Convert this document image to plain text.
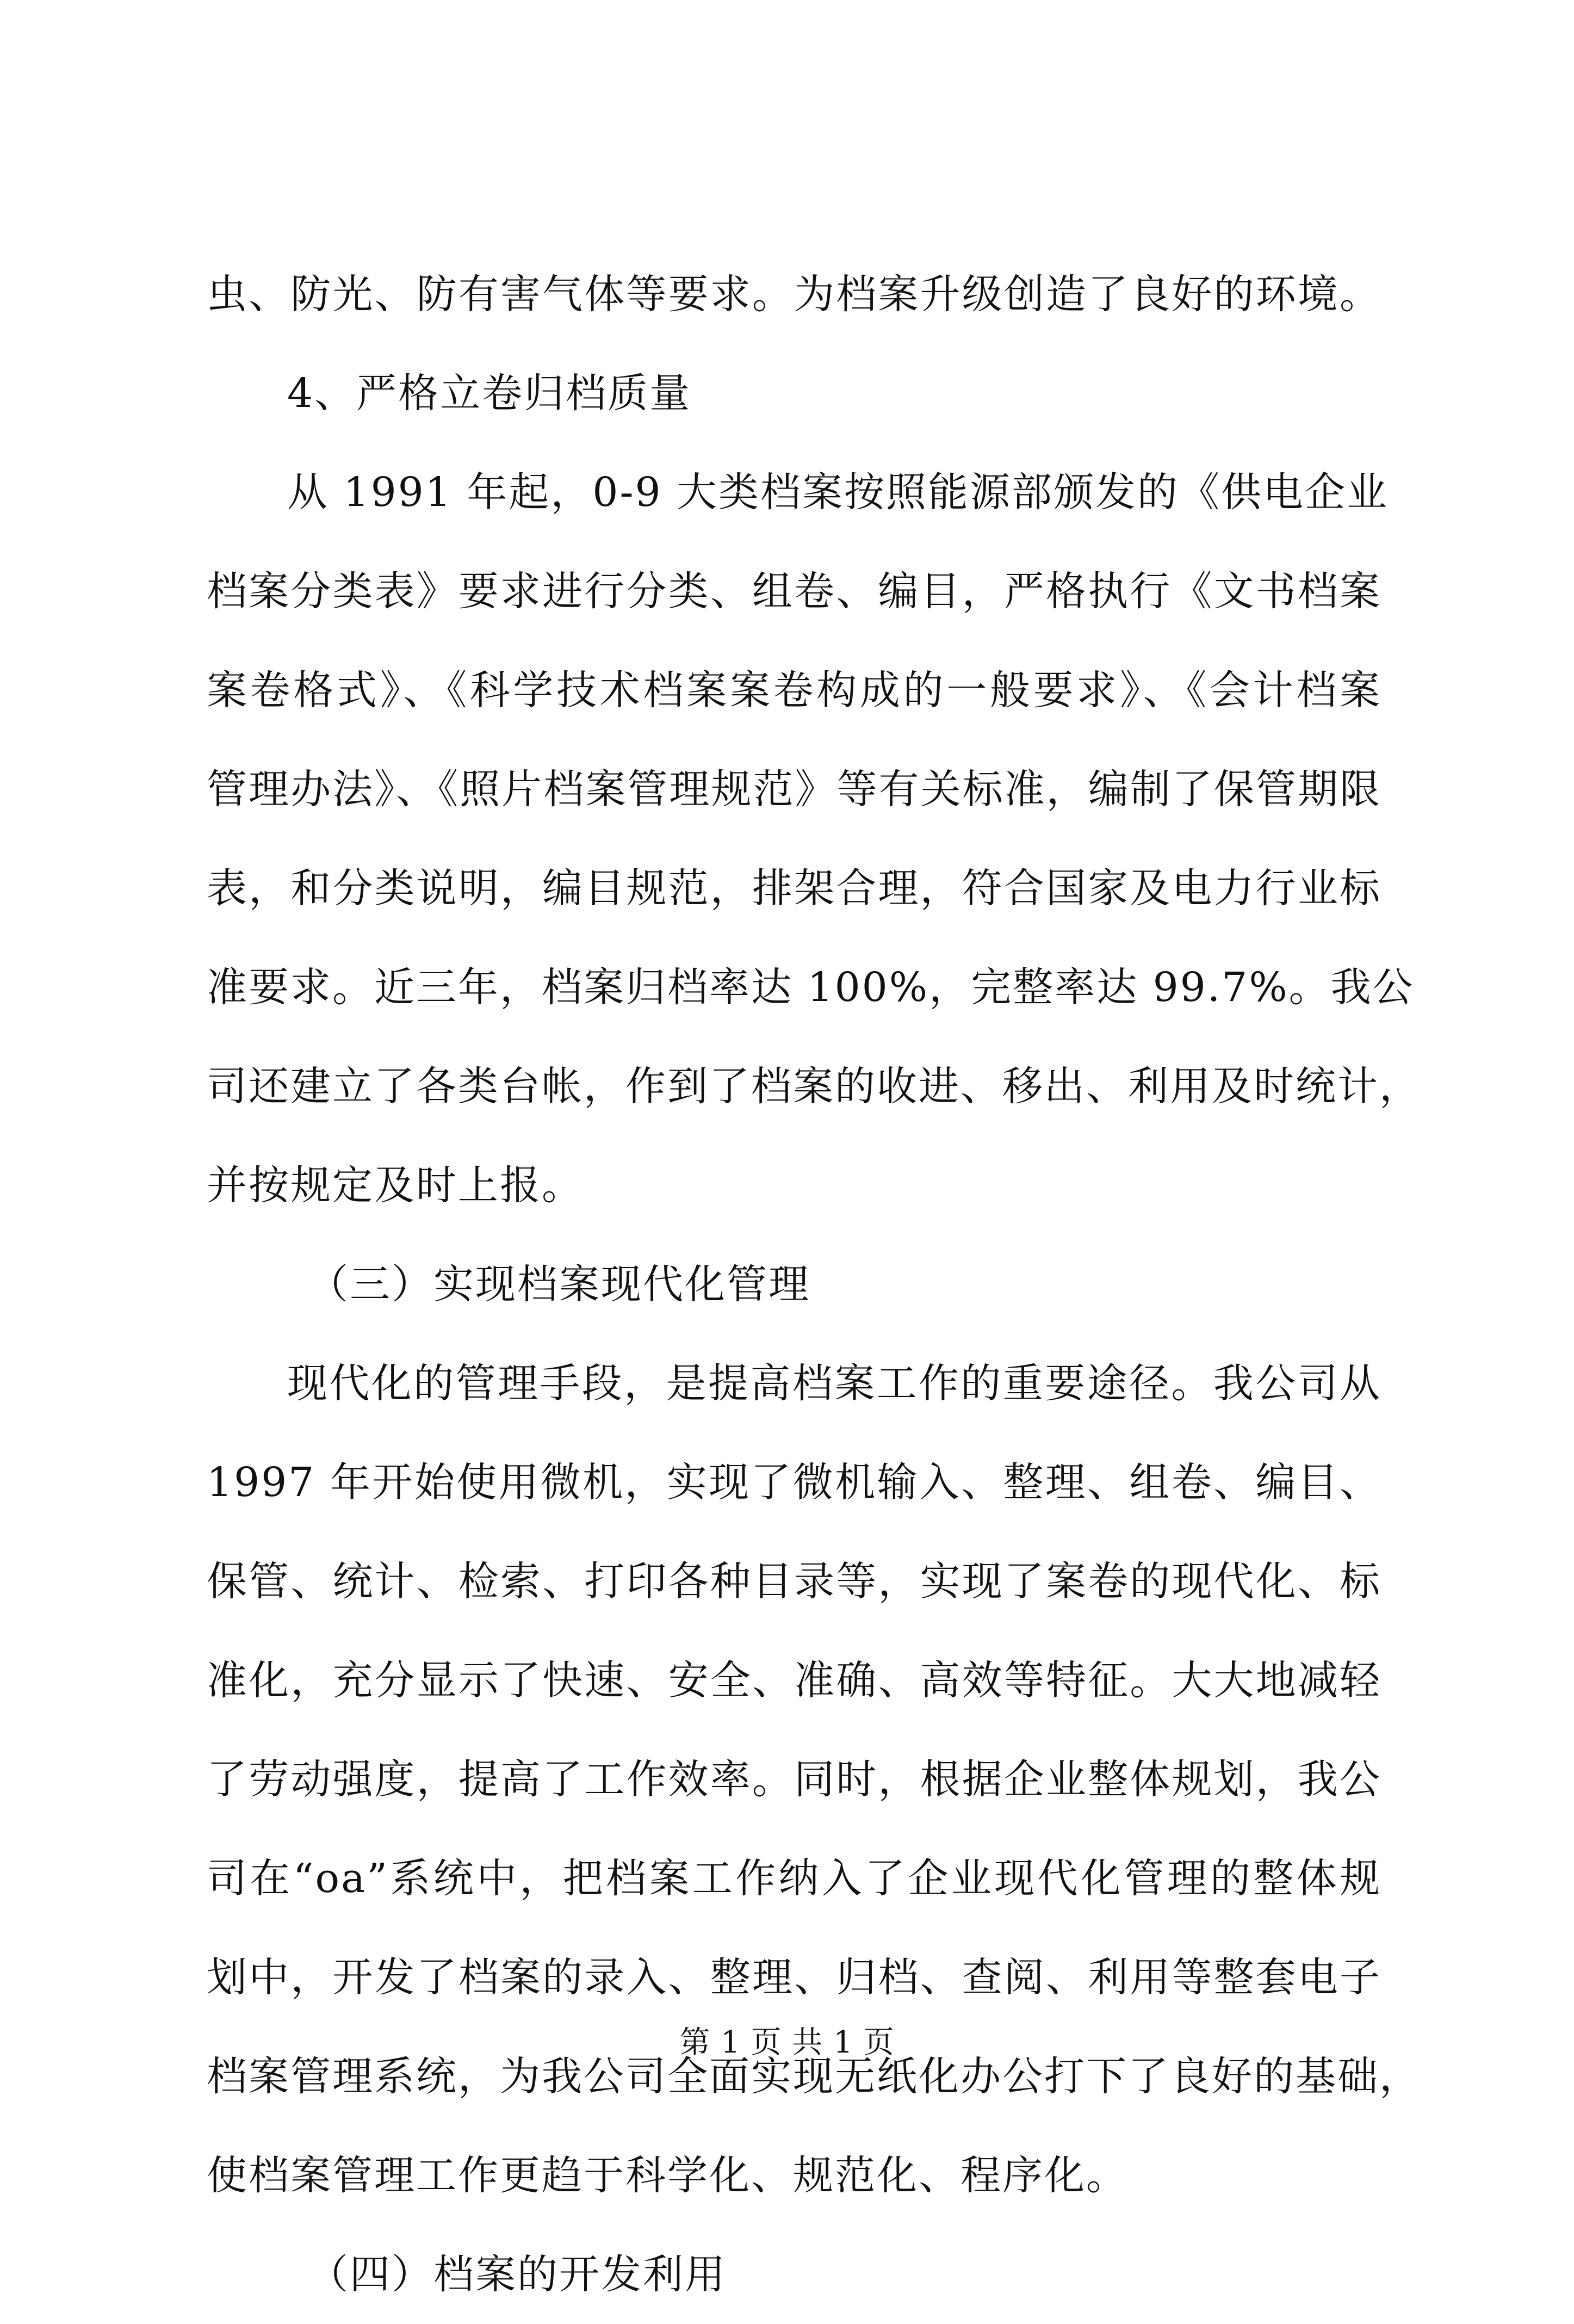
虫、防光、防有害气体等要求。为档案升级创造了良好的环境。
4、严格立卷归档质量
从 1991 年起，0-9 大类档案按照能源部颁发的《供电企业
档案分类表》要求进行分类、组卷、编目，严格执行《文书档案
案卷格式》、《科学技术档案案卷构成的一般要求》、《会计档案
管理办法》、《照片档案管理规范》等有关标准，编制了保管期限
表，和分类说明，编目规范，排架合理，符合国家及电力行业标
准要求。近三年，档案归档率达 100%，完整率达 99.7%。我公
司还建立了各类台帐，作到了档案的收进、移出、利用及时统计，
并按规定及时上报。
（三）实现档案现代化管理
现代化的管理手段，是提高档案工作的重要途径。我公司从
1997 年开始使用微机，实现了微机输入、整理、组卷、编目、
保管、统计、检索、打印各种目录等，实现了案卷的现代化、标
准化，充分显示了快速、安全、准确、高效等特征。大大地减轻
了劳动强度，提高了工作效率。同时，根据企业整体规划，我公
司在“oa”系统中，把档案工作纳入了企业现代化管理的整体规
划中，开发了档案的录入、整理、归档、查阅、利用等整套电子
档案管理系统，为我公司全面实现无纸化办公打下了良好的基础，
使档案管理工作更趋于科学化、规范化、程序化。
（四）档案的开发利用
第 1 页 共 1 页
